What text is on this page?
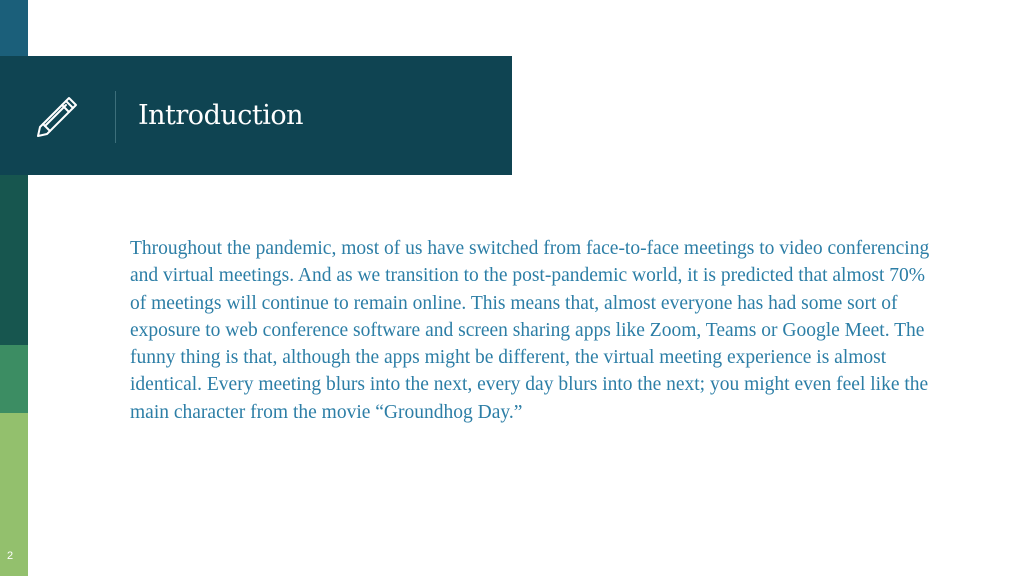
2
Introduction

Throughout the pandemic, most of us have switched from face-to-face meetings to video conferencing and virtual meetings. And as we transition to the post-pandemic world, it is predicted that almost 70% of meetings will continue to remain online. This means that, almost everyone has had some sort of exposure to web conference software and screen sharing apps like Zoom, Teams or Google Meet. The funny thing is that, although the apps might be different, the virtual meeting experience is almost identical. Every meeting blurs into the next, every day blurs into the next; you might even feel like the main character from the movie “Groundhog Day.”
